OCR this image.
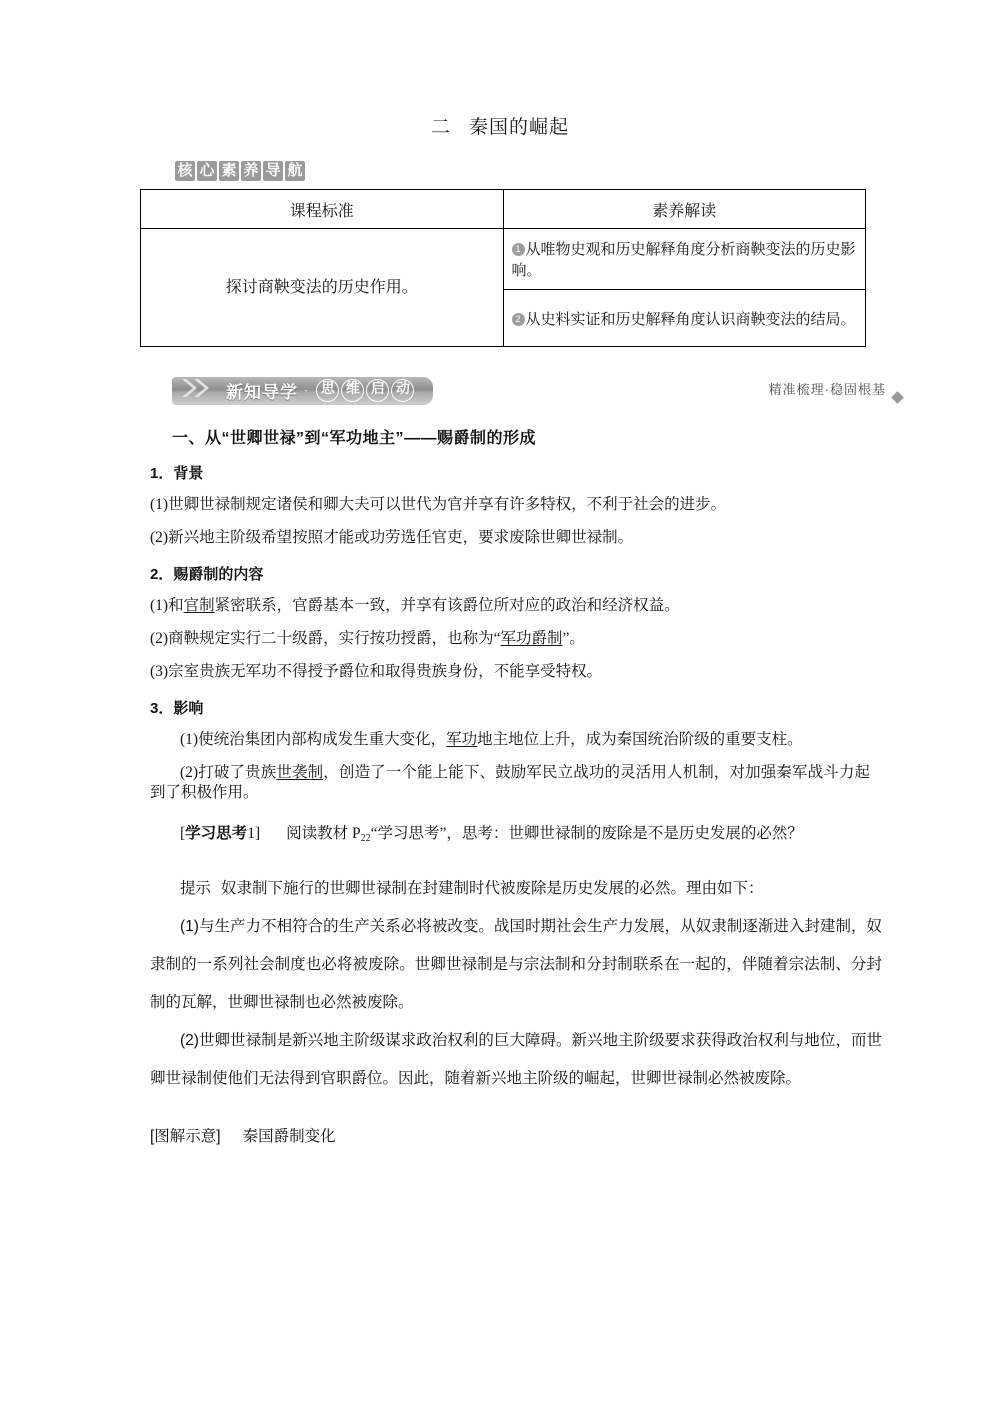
二 秦国的崛起
核 心 素 养 导 航
课程标准	素养解读
探讨商鞅变法的历史作用。	1 从唯物史观和历史解释角度分析商鞅变法的历史影响。
	2 从史料实证和历史解释角度认识商鞅变法的结局。
新知导学 · 思 维 启 动	精准梳理·稳固根基
一、从“世卿世禄”到“军功地主”——赐爵制的形成
1．背景

(1)世卿世禄制规定诸侯和卿大夫可以世代为官并享有许多特权，不利于社会的进步。

(2)新兴地主阶级希望按照才能或功劳选任官吏，要求废除世卿世禄制。

2．赐爵制的内容

(1)和官制紧密联系，官爵基本一致，并享有该爵位所对应的政治和经济权益。

(2)商鞅规定实行二十级爵，实行按功授爵，也称为“军功爵制”。

(3)宗室贵族无军功不得授予爵位和取得贵族身份，不能享受特权。

3．影响

(1)使统治集团内部构成发生重大变化，军功地主地位上升，成为秦国统治阶级的重要支柱。

(2)打破了贵族世袭制，创造了一个能上能下、鼓励军民立战功的灵活用人机制，对加强秦军战斗力起到了积极作用。

[学习思考1] 阅读教材 $P_{22}“$学习思考”，思考：世卿世禄制的废除是不是历史发展的必然？

提示 奴隶制下施行的世卿世禄制在封建制时代被废除是历史发展的必然。理由如下：

(1)与生产力不相符合的生产关系必将被改变。战国时期社会生产力发展，从奴隶制逐渐进入封建制，奴隶制的一系列社会制度也必将被废除。世卿世禄制是与宗法制和分封制联系在一起的，伴随着宗法制、分封制的瓦解，世卿世禄制也必然被废除。

(2)世卿世禄制是新兴地主阶级谋求政治权利的巨大障碍。新兴地主阶级要求获得政治权利与地位，而世卿世禄制使他们无法得到官职爵位。因此，随着新兴地主阶级的崛起，世卿世禄制必然被废除。

[图解示意] 秦国爵制变化
